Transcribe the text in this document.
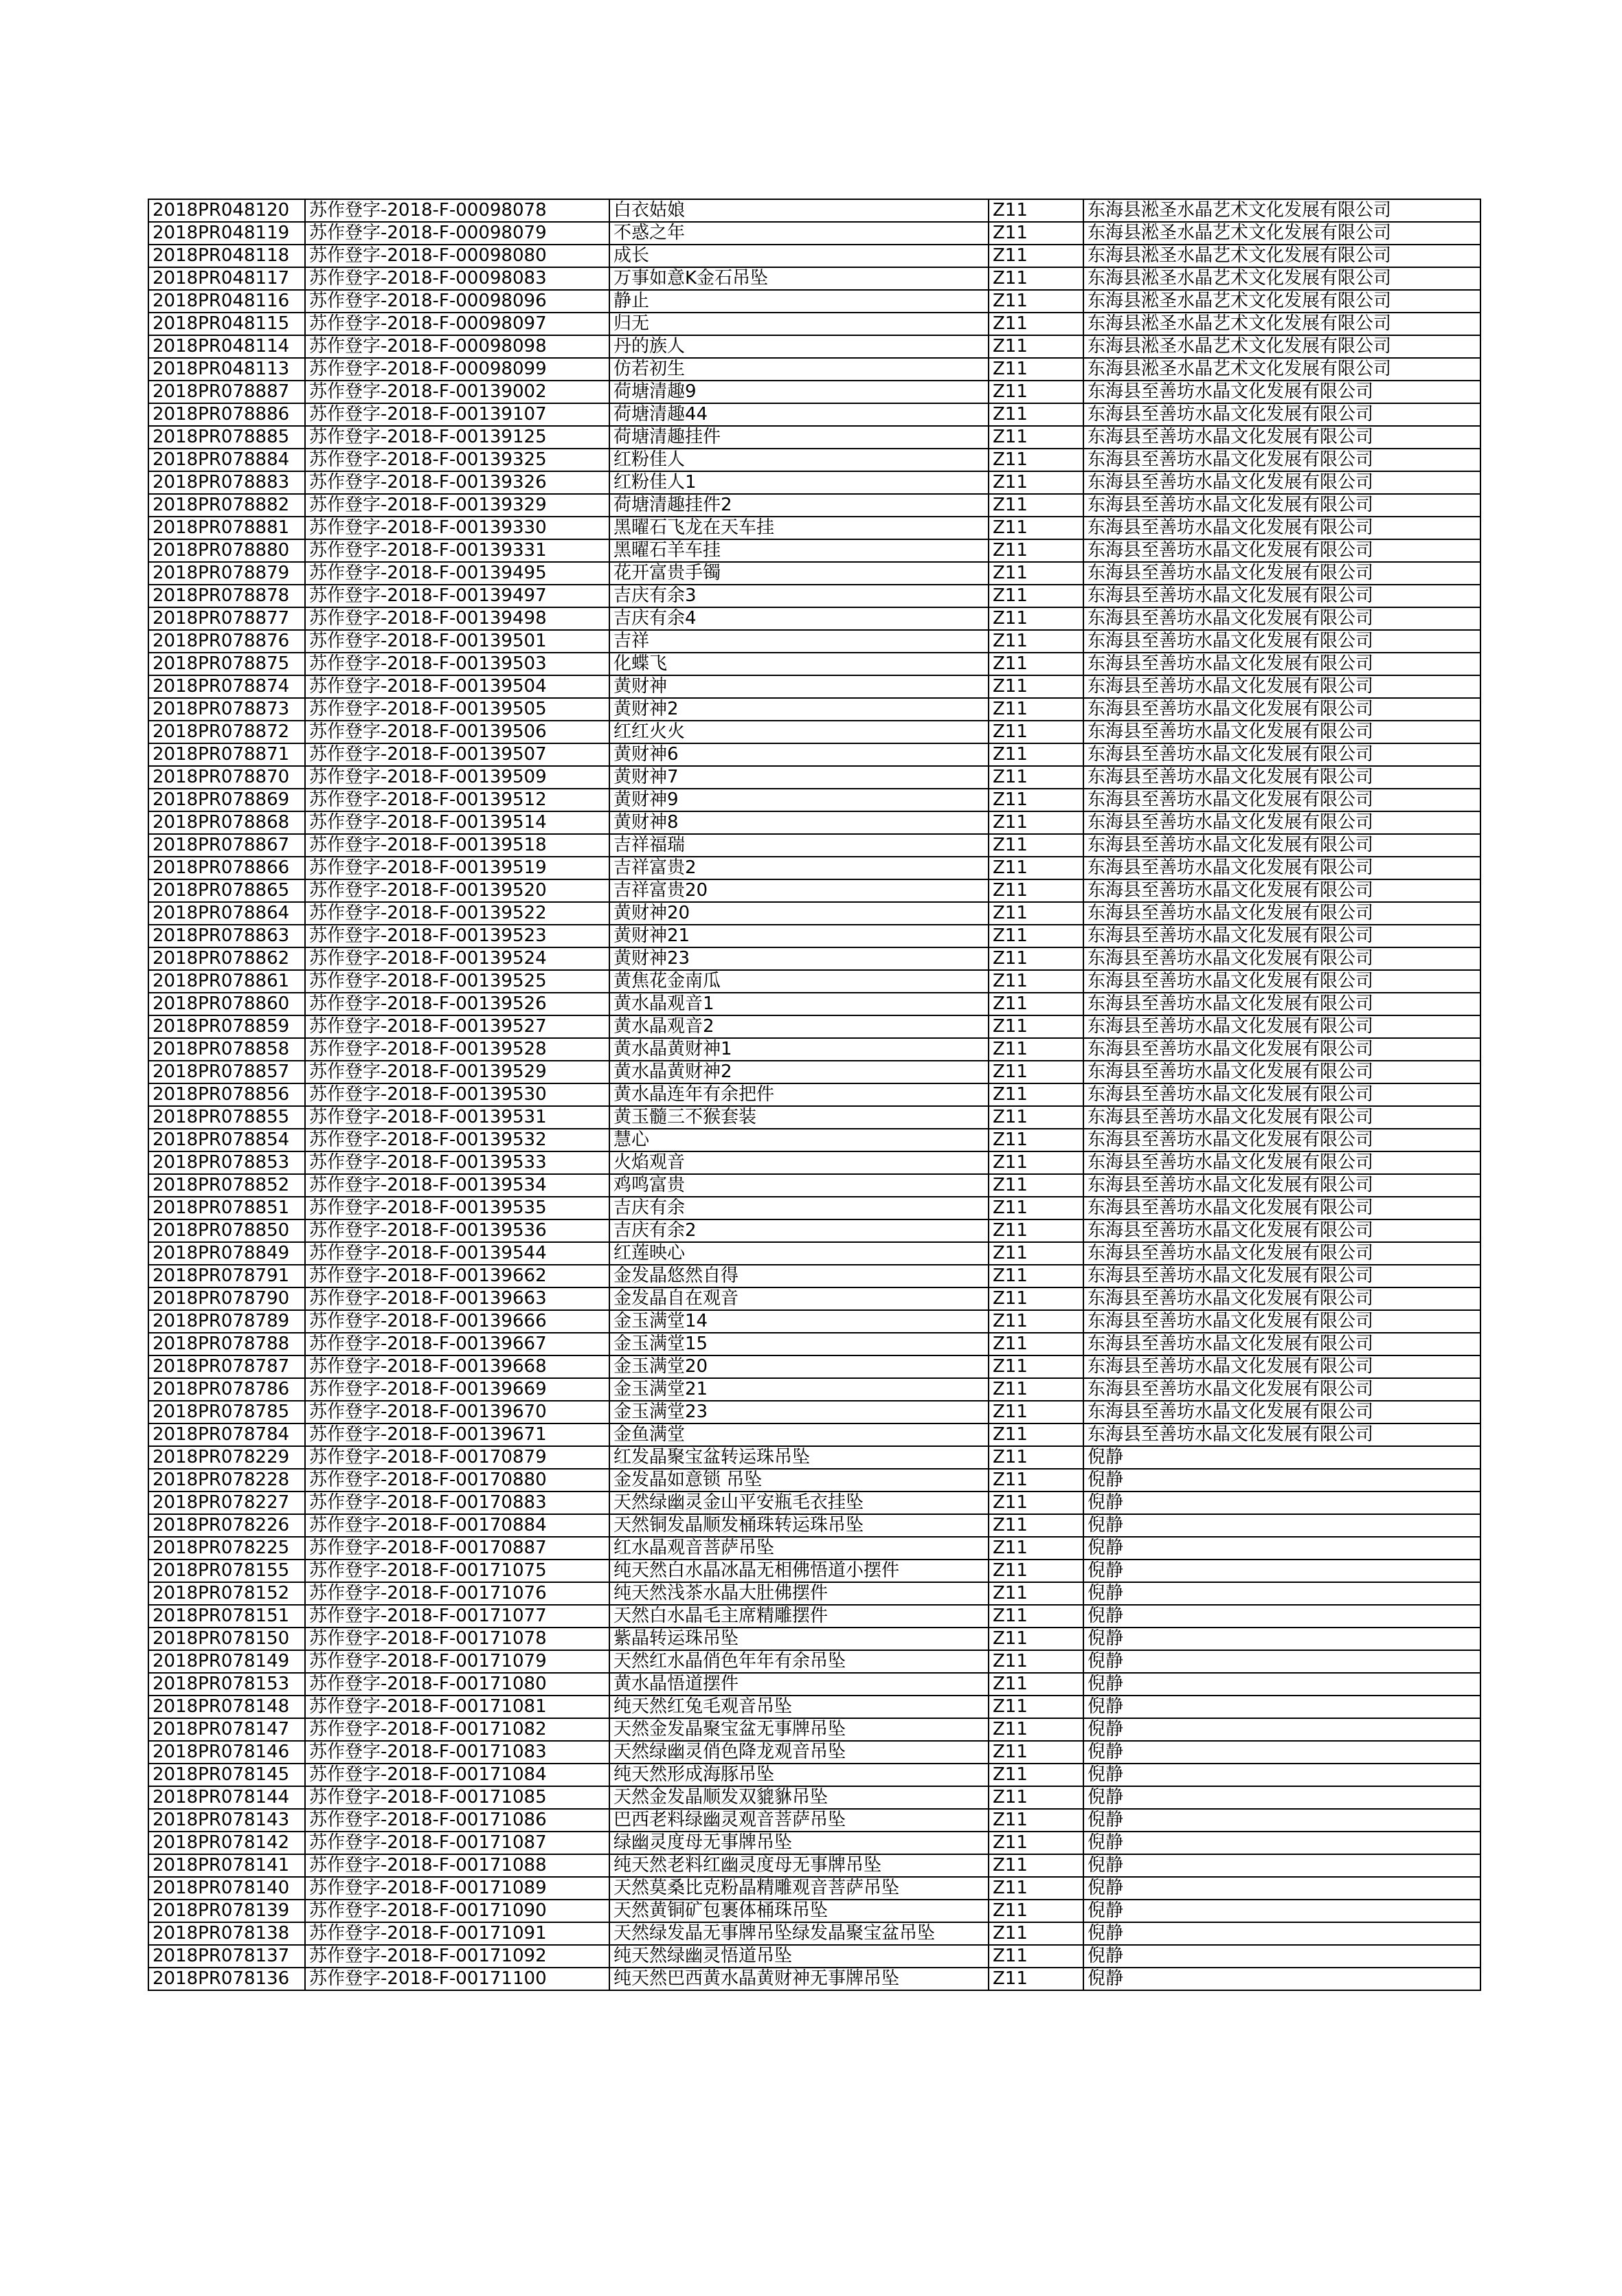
2018PR048120	苏作登字-2018-F-00098078	白衣姑娘	Z11	东海县淞圣水晶艺术文化发展有限公司
2018PR048119	苏作登字-2018-F-00098079	不惑之年	Z11	东海县淞圣水晶艺术文化发展有限公司
2018PR048118	苏作登字-2018-F-00098080	成长	Z11	东海县淞圣水晶艺术文化发展有限公司
2018PR048117	苏作登字-2018-F-00098083	万事如意K金石吊坠	Z11	东海县淞圣水晶艺术文化发展有限公司
2018PR048116	苏作登字-2018-F-00098096	静止	Z11	东海县淞圣水晶艺术文化发展有限公司
2018PR048115	苏作登字-2018-F-00098097	归无	Z11	东海县淞圣水晶艺术文化发展有限公司
2018PR048114	苏作登字-2018-F-00098098	丹的族人	Z11	东海县淞圣水晶艺术文化发展有限公司
2018PR048113	苏作登字-2018-F-00098099	仿若初生	Z11	东海县淞圣水晶艺术文化发展有限公司
2018PR078887	苏作登字-2018-F-00139002	荷塘清趣9	Z11	东海县至善坊水晶文化发展有限公司
2018PR078886	苏作登字-2018-F-00139107	荷塘清趣44	Z11	东海县至善坊水晶文化发展有限公司
2018PR078885	苏作登字-2018-F-00139125	荷塘清趣挂件	Z11	东海县至善坊水晶文化发展有限公司
2018PR078884	苏作登字-2018-F-00139325	红粉佳人	Z11	东海县至善坊水晶文化发展有限公司
2018PR078883	苏作登字-2018-F-00139326	红粉佳人1	Z11	东海县至善坊水晶文化发展有限公司
2018PR078882	苏作登字-2018-F-00139329	荷塘清趣挂件2	Z11	东海县至善坊水晶文化发展有限公司
2018PR078881	苏作登字-2018-F-00139330	黑曜石飞龙在天车挂	Z11	东海县至善坊水晶文化发展有限公司
2018PR078880	苏作登字-2018-F-00139331	黑曜石羊车挂	Z11	东海县至善坊水晶文化发展有限公司
2018PR078879	苏作登字-2018-F-00139495	花开富贵手镯	Z11	东海县至善坊水晶文化发展有限公司
2018PR078878	苏作登字-2018-F-00139497	吉庆有余3	Z11	东海县至善坊水晶文化发展有限公司
2018PR078877	苏作登字-2018-F-00139498	吉庆有余4	Z11	东海县至善坊水晶文化发展有限公司
2018PR078876	苏作登字-2018-F-00139501	吉祥	Z11	东海县至善坊水晶文化发展有限公司
2018PR078875	苏作登字-2018-F-00139503	化蝶飞	Z11	东海县至善坊水晶文化发展有限公司
2018PR078874	苏作登字-2018-F-00139504	黄财神	Z11	东海县至善坊水晶文化发展有限公司
2018PR078873	苏作登字-2018-F-00139505	黄财神2	Z11	东海县至善坊水晶文化发展有限公司
2018PR078872	苏作登字-2018-F-00139506	红红火火	Z11	东海县至善坊水晶文化发展有限公司
2018PR078871	苏作登字-2018-F-00139507	黄财神6	Z11	东海县至善坊水晶文化发展有限公司
2018PR078870	苏作登字-2018-F-00139509	黄财神7	Z11	东海县至善坊水晶文化发展有限公司
2018PR078869	苏作登字-2018-F-00139512	黄财神9	Z11	东海县至善坊水晶文化发展有限公司
2018PR078868	苏作登字-2018-F-00139514	黄财神8	Z11	东海县至善坊水晶文化发展有限公司
2018PR078867	苏作登字-2018-F-00139518	吉祥福瑞	Z11	东海县至善坊水晶文化发展有限公司
2018PR078866	苏作登字-2018-F-00139519	吉祥富贵2	Z11	东海县至善坊水晶文化发展有限公司
2018PR078865	苏作登字-2018-F-00139520	吉祥富贵20	Z11	东海县至善坊水晶文化发展有限公司
2018PR078864	苏作登字-2018-F-00139522	黄财神20	Z11	东海县至善坊水晶文化发展有限公司
2018PR078863	苏作登字-2018-F-00139523	黄财神21	Z11	东海县至善坊水晶文化发展有限公司
2018PR078862	苏作登字-2018-F-00139524	黄财神23	Z11	东海县至善坊水晶文化发展有限公司
2018PR078861	苏作登字-2018-F-00139525	黄焦花金南瓜	Z11	东海县至善坊水晶文化发展有限公司
2018PR078860	苏作登字-2018-F-00139526	黄水晶观音1	Z11	东海县至善坊水晶文化发展有限公司
2018PR078859	苏作登字-2018-F-00139527	黄水晶观音2	Z11	东海县至善坊水晶文化发展有限公司
2018PR078858	苏作登字-2018-F-00139528	黄水晶黄财神1	Z11	东海县至善坊水晶文化发展有限公司
2018PR078857	苏作登字-2018-F-00139529	黄水晶黄财神2	Z11	东海县至善坊水晶文化发展有限公司
2018PR078856	苏作登字-2018-F-00139530	黄水晶连年有余把件	Z11	东海县至善坊水晶文化发展有限公司
2018PR078855	苏作登字-2018-F-00139531	黄玉髓三不猴套装	Z11	东海县至善坊水晶文化发展有限公司
2018PR078854	苏作登字-2018-F-00139532	慧心	Z11	东海县至善坊水晶文化发展有限公司
2018PR078853	苏作登字-2018-F-00139533	火焰观音	Z11	东海县至善坊水晶文化发展有限公司
2018PR078852	苏作登字-2018-F-00139534	鸡鸣富贵	Z11	东海县至善坊水晶文化发展有限公司
2018PR078851	苏作登字-2018-F-00139535	吉庆有余	Z11	东海县至善坊水晶文化发展有限公司
2018PR078850	苏作登字-2018-F-00139536	吉庆有余2	Z11	东海县至善坊水晶文化发展有限公司
2018PR078849	苏作登字-2018-F-00139544	红莲映心	Z11	东海县至善坊水晶文化发展有限公司
2018PR078791	苏作登字-2018-F-00139662	金发晶悠然自得	Z11	东海县至善坊水晶文化发展有限公司
2018PR078790	苏作登字-2018-F-00139663	金发晶自在观音	Z11	东海县至善坊水晶文化发展有限公司
2018PR078789	苏作登字-2018-F-00139666	金玉满堂14	Z11	东海县至善坊水晶文化发展有限公司
2018PR078788	苏作登字-2018-F-00139667	金玉满堂15	Z11	东海县至善坊水晶文化发展有限公司
2018PR078787	苏作登字-2018-F-00139668	金玉满堂20	Z11	东海县至善坊水晶文化发展有限公司
2018PR078786	苏作登字-2018-F-00139669	金玉满堂21	Z11	东海县至善坊水晶文化发展有限公司
2018PR078785	苏作登字-2018-F-00139670	金玉满堂23	Z11	东海县至善坊水晶文化发展有限公司
2018PR078784	苏作登字-2018-F-00139671	金鱼满堂	Z11	东海县至善坊水晶文化发展有限公司
2018PR078229	苏作登字-2018-F-00170879	红发晶聚宝盆转运珠吊坠	Z11	倪静
2018PR078228	苏作登字-2018-F-00170880	金发晶如意锁 吊坠	Z11	倪静
2018PR078227	苏作登字-2018-F-00170883	天然绿幽灵金山平安瓶毛衣挂坠	Z11	倪静
2018PR078226	苏作登字-2018-F-00170884	天然铜发晶顺发桶珠转运珠吊坠	Z11	倪静
2018PR078225	苏作登字-2018-F-00170887	红水晶观音菩萨吊坠	Z11	倪静
2018PR078155	苏作登字-2018-F-00171075	纯天然白水晶冰晶无相佛悟道小摆件	Z11	倪静
2018PR078152	苏作登字-2018-F-00171076	纯天然浅茶水晶大肚佛摆件	Z11	倪静
2018PR078151	苏作登字-2018-F-00171077	天然白水晶毛主席精雕摆件	Z11	倪静
2018PR078150	苏作登字-2018-F-00171078	紫晶转运珠吊坠	Z11	倪静
2018PR078149	苏作登字-2018-F-00171079	天然红水晶俏色年年有余吊坠	Z11	倪静
2018PR078153	苏作登字-2018-F-00171080	黄水晶悟道摆件	Z11	倪静
2018PR078148	苏作登字-2018-F-00171081	纯天然红兔毛观音吊坠	Z11	倪静
2018PR078147	苏作登字-2018-F-00171082	天然金发晶聚宝盆无事牌吊坠	Z11	倪静
2018PR078146	苏作登字-2018-F-00171083	天然绿幽灵俏色降龙观音吊坠	Z11	倪静
2018PR078145	苏作登字-2018-F-00171084	纯天然形成海豚吊坠	Z11	倪静
2018PR078144	苏作登字-2018-F-00171085	天然金发晶顺发双貔貅吊坠	Z11	倪静
2018PR078143	苏作登字-2018-F-00171086	巴西老料绿幽灵观音菩萨吊坠	Z11	倪静
2018PR078142	苏作登字-2018-F-00171087	绿幽灵度母无事牌吊坠	Z11	倪静
2018PR078141	苏作登字-2018-F-00171088	纯天然老料红幽灵度母无事牌吊坠	Z11	倪静
2018PR078140	苏作登字-2018-F-00171089	天然莫桑比克粉晶精雕观音菩萨吊坠	Z11	倪静
2018PR078139	苏作登字-2018-F-00171090	天然黄铜矿包裹体桶珠吊坠	Z11	倪静
2018PR078138	苏作登字-2018-F-00171091	天然绿发晶无事牌吊坠绿发晶聚宝盆吊坠	Z11	倪静
2018PR078137	苏作登字-2018-F-00171092	纯天然绿幽灵悟道吊坠	Z11	倪静
2018PR078136	苏作登字-2018-F-00171100	纯天然巴西黄水晶黄财神无事牌吊坠	Z11	倪静
